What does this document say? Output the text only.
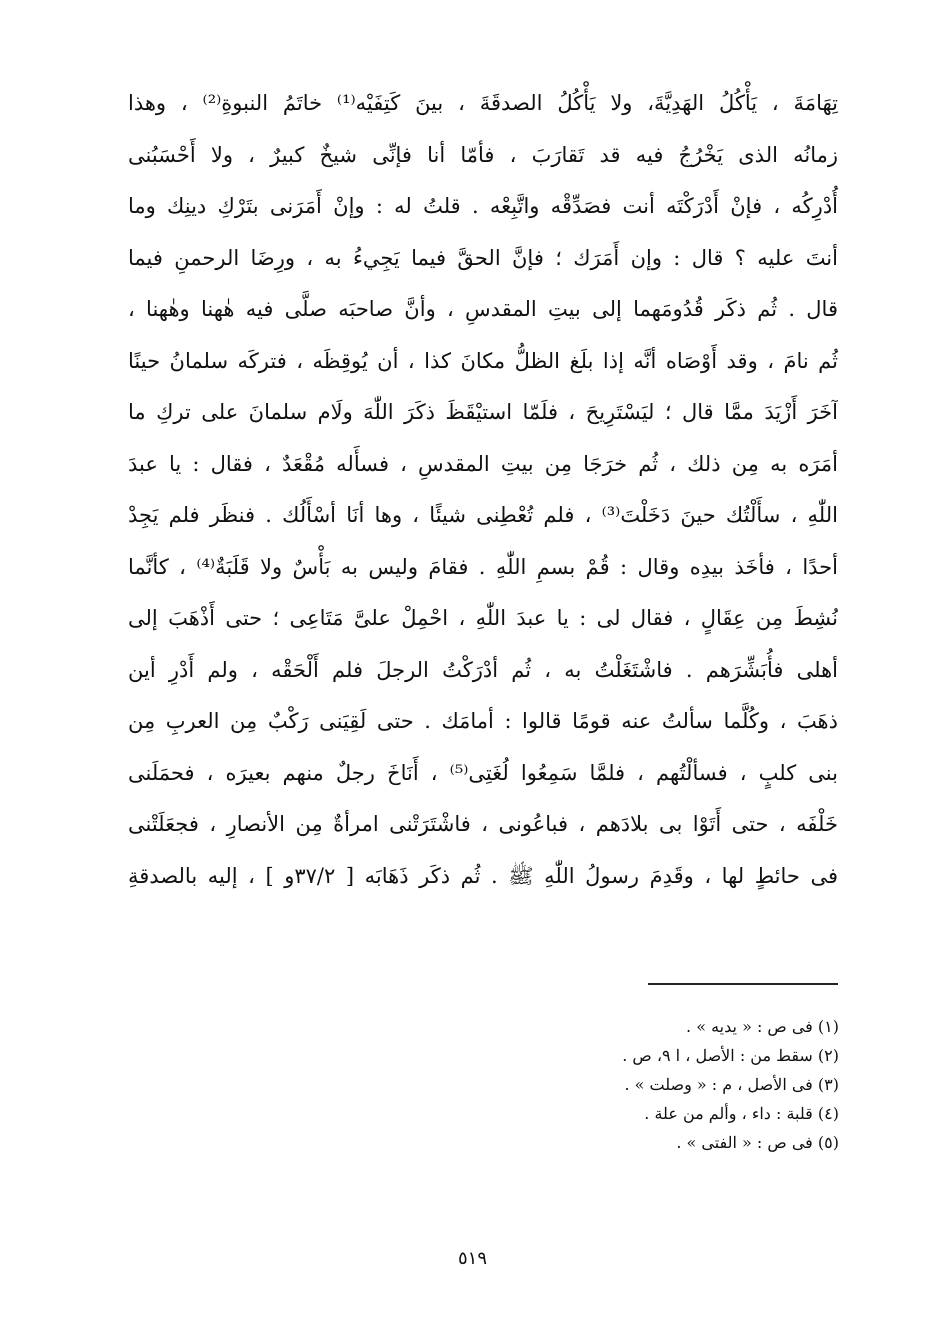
تِهَامَةَ ، يَأْكُلُ الهَدِيَّةَ، ولا يَأْكُلُ الصدقَةَ ، بينَ كَتِفَيْه⁽¹⁾ خاتَمُ النبوةِ⁽²⁾ ، وهذا
زمانُه الذى يَخْرُجُ فيه قد تَقارَبَ ، فأمّا أنا فإنِّى شيخٌ كبيرٌ ، ولا أَحْسَبُنى
أُدْرِكُه ، فإنْ أَدْرَكْتَه أنت فصَدِّقْه واتَّبِعْه . قلتُ له : وإنْ أَمَرَنى بتَرْكِ دينِك وما
أنتَ عليه ؟ قال : وإن أَمَرَك ؛ فإنَّ الحقَّ فيما يَجِيءُ به ، ورِضَا الرحمنِ فيما
قال . ثُم ذكَر قُدُومَهما إلى بيتِ المقدسِ ، وأنَّ صاحبَه صلَّى فيه هٰهنا وهٰهنا ،
ثُم نامَ ، وقد أَوْصَاه أنَّه إذا بلَغ الظلُّ مكانَ كذا ، أن يُوقِظَه ، فتركَه سلمانُ حينًا
آخَرَ أَزْيَدَ ممَّا قال ؛ ليَسْتَرِيحَ ، فلَمّا استيْقَظَ ذكَرَ اللّٰهَ ولَام سلمانَ على تركِ ما
أمَرَه به مِن ذلك ، ثُم خرَجَا مِن بيتِ المقدسِ ، فسأَله مُقْعَدٌ ، فقال : يا عبدَ
اللّٰهِ ، سأَلْتُك حينَ دَخَلْتَ⁽³⁾ ، فلم تُعْطِنى شيئًا ، وها أنَا أسْأَلُك . فنظَر فلم يَجِدْ
أحدًا ، فأخَذ بيدِه وقال : قُمْ بسمِ اللّٰهِ . فقامَ وليس به بَأْسٌ ولا قَلَبَةٌ⁽⁴⁾ ، كأنَّما
نُشِطَ مِن عِقَالٍ ، فقال لى : يا عبدَ اللّٰهِ ، احْمِلْ علىَّ مَتَاعِى ؛ حتى أَذْهَبَ إلى
أهلى فأُبَشِّرَهم . فاشْتَغَلْتُ به ، ثُم أدْرَكْتُ الرجلَ فلم أَلْحَقْه ، ولم أَدْرِ أين
ذهَبَ ، وكُلَّما سألتُ عنه قومًا قالوا : أمامَك . حتى لَقِيَنى رَكْبٌ مِن العربِ مِن
بنى كلبٍ ، فسألْتُهم ، فلمَّا سَمِعُوا لُغَتِى⁽⁵⁾ ، أَنَاخَ رجلٌ منهم بعيرَه ، فحمَلَنى
خَلْفَه ، حتى أَتَوْا بى بلادَهم ، فباعُونى ، فاشْتَرَتْنى امرأةٌ مِن الأنصارِ ، فجعَلَتْنى
فى حائطٍ لها ، وقَدِمَ رسولُ اللّٰهِ ﷺ . ثُم ذكَر ذَهَابَه [ ٣٧/٢و ] ، إليه بالصدقةِ
(١) فى ص : « يديه » .
(٢) سقط من : الأصل ، ا ٩، ص .
(٣) فى الأصل ، م : « وصلت » .
(٤) قلبة : داء ، وألم من علة .
(٥) فى ص : « الفتى » .
٥١٩
